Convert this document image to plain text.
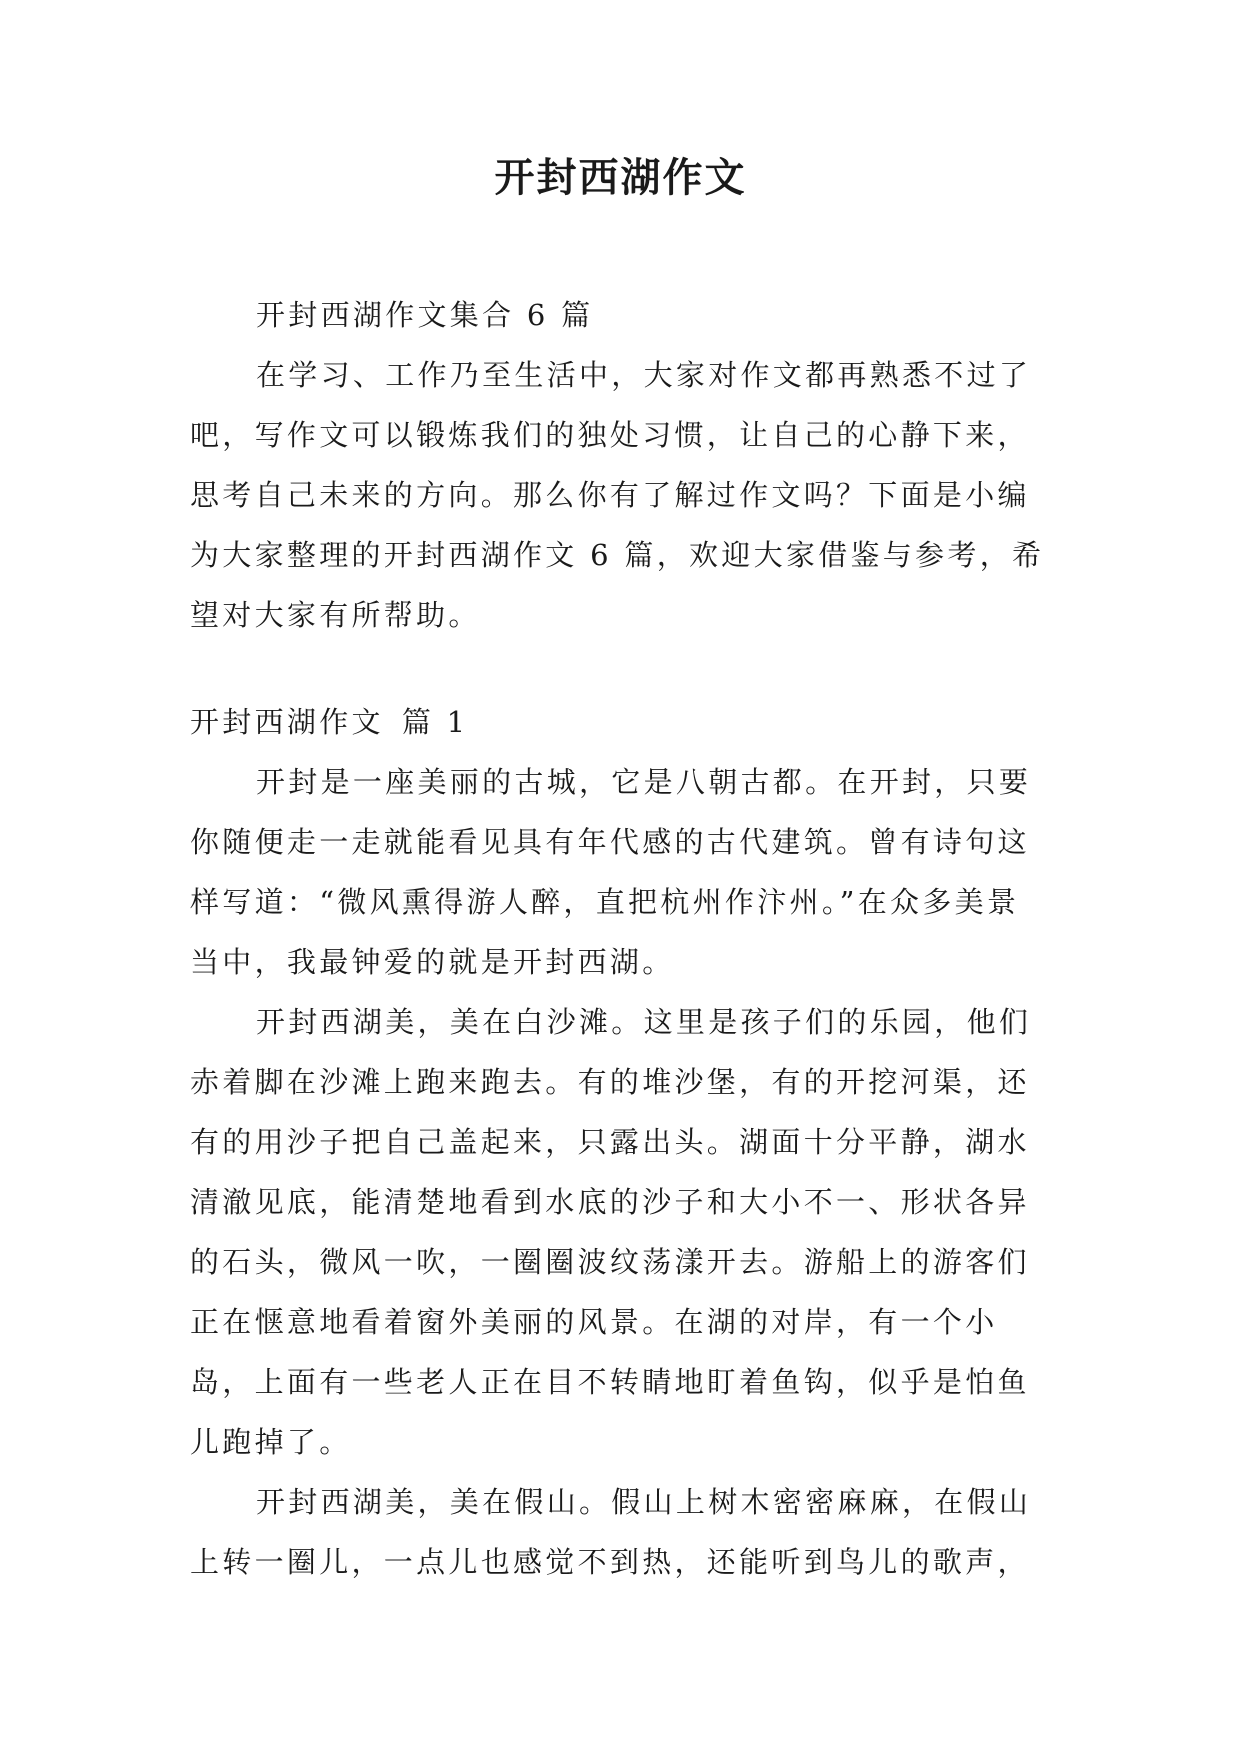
开封西湖作文

开封西湖作文集合 6 篇

在学习、工作乃至生活中，大家对作文都再熟悉不过了吧，写作文可以锻炼我们的独处习惯，让自己的心静下来，思考自己未来的方向。那么你有了解过作文吗？下面是小编为大家整理的开封西湖作文 6 篇，欢迎大家借鉴与参考，希望对大家有所帮助。

开封西湖作文 篇 1

开封是一座美丽的古城，它是八朝古都。在开封，只要你随便走一走就能看见具有年代感的古代建筑。曾有诗句这样写道：“微风熏得游人醉，直把杭州作汴州。”在众多美景当中，我最钟爱的就是开封西湖。

开封西湖美，美在白沙滩。这里是孩子们的乐园，他们赤着脚在沙滩上跑来跑去。有的堆沙堡，有的开挖河渠，还有的用沙子把自己盖起来，只露出头。湖面十分平静，湖水清澈见底，能清楚地看到水底的沙子和大小不一、形状各异的石头，微风一吹，一圈圈波纹荡漾开去。游船上的游客们正在惬意地看着窗外美丽的风景。在湖的对岸，有一个小岛，上面有一些老人正在目不转睛地盯着鱼钩，似乎是怕鱼儿跑掉了。

开封西湖美，美在假山。假山上树木密密麻麻，在假山上转一圈儿，一点儿也感觉不到热，还能听到鸟儿的歌声，
